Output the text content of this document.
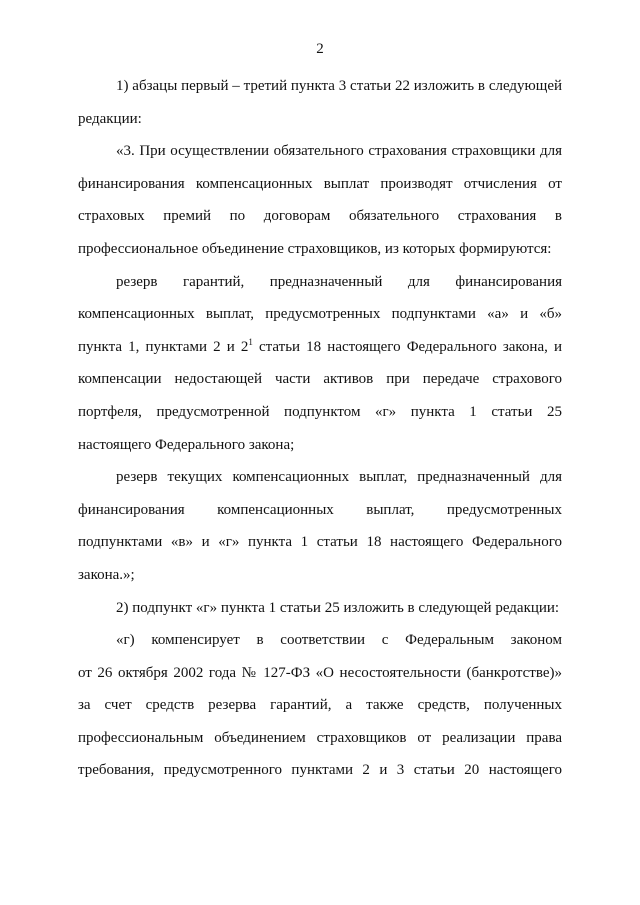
2
1) абзацы первый – третий пункта 3 статьи 22 изложить в следующей
редакции:
«3. При осуществлении обязательного страхования страховщики для
финансирования компенсационных выплат производят отчисления от
страховых премий по договорам обязательного страхования в
профессиональное объединение страховщиков, из которых формируются:
резерв гарантий, предназначенный для финансирования
компенсационных выплат, предусмотренных подпунктами «а» и «б»
пункта 1, пунктами 2 и $2^1$ статьи 18 настоящего Федерального закона, и
компенсации недостающей части активов при передаче страхового
портфеля, предусмотренной подпунктом «г» пункта 1 статьи 25
настоящего Федерального закона;
резерв текущих компенсационных выплат, предназначенный для
финансирования компенсационных выплат, предусмотренных
подпунктами «в» и «г» пункта 1 статьи 18 настоящего Федерального
закона.»;
2) подпункт «г» пункта 1 статьи 25 изложить в следующей редакции:
«г) компенсирует в соответствии с Федеральным законом
от 26 октября 2002 года № 127-ФЗ «О несостоятельности (банкротстве)»
за счет средств резерва гарантий, а также средств, полученных
профессиональным объединением страховщиков от реализации права
требования, предусмотренного пунктами 2 и 3 статьи 20 настоящего
